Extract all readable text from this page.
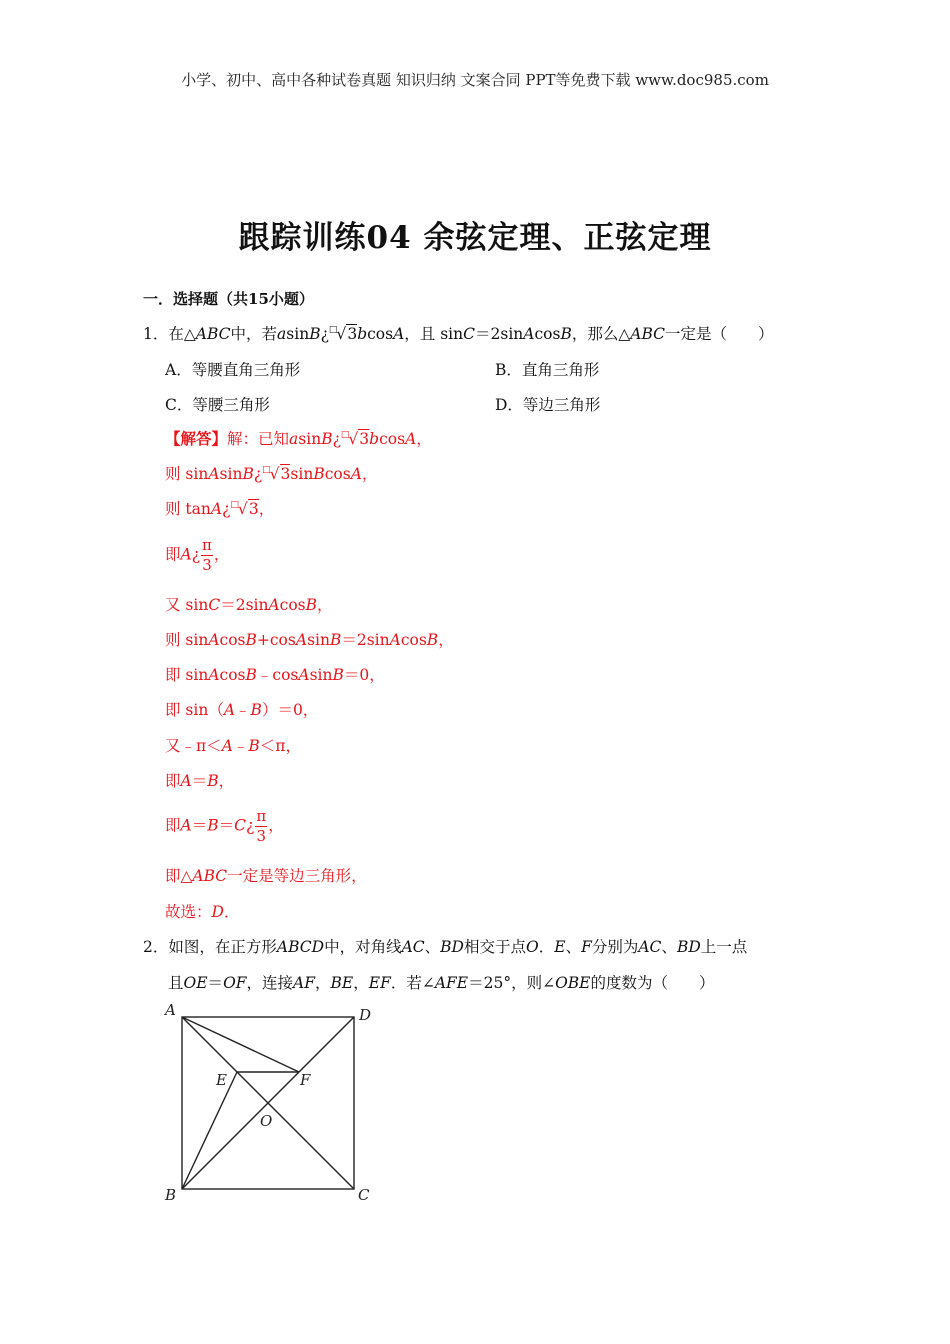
小学、初中、高中各种试卷真题 知识归纳 文案合同 PPT等免费下载 www.doc985.com
跟踪训练04 余弦定理、正弦定理
一．选择题（共15小题）
1．在△ABC中，若asinB¿□√3bcosA，且 sinC＝2sinAcosB，那么△ABC一定是（　　）
A．等腰直角三角形	B．直角三角形
C．等腰三角形	D．等边三角形
【解答】解：已知asinB¿□√3bcosA，
则 sinAsinB¿□√3sinBcosA，
则 tanA¿□√3，
即A¿ $\frac{\pi}{3}$ ，
又 sinC＝2sinAcosB，
则 sinAcosB+cosAsinB＝2sinAcosB，
即 sinAcosB﹣cosAsinB＝0，
即 sin（A﹣B）＝0，
又﹣π＜A﹣B＜π，
即A＝B，
即A＝B＝C¿ $\frac{\pi}{3}$ ，
即△ABC一定是等边三角形，
故选：D．
2．如图，在正方形ABCD中，对角线AC、BD相交于点O．E、F分别为AC、BD上一点
且OE＝OF，连接AF，BE，EF．若∠AFE＝25°，则∠OBE的度数为（　　）
A	D
E	F
O
B	C
